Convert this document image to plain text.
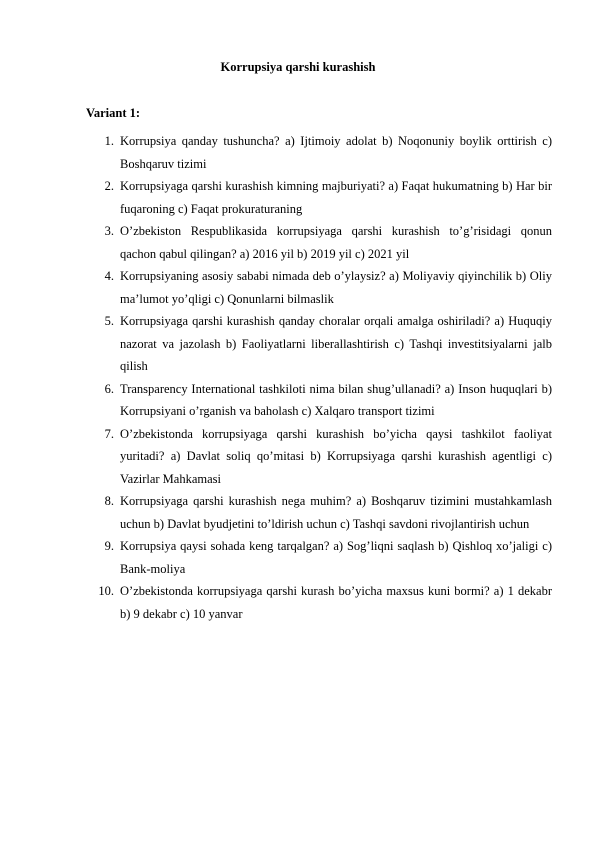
Korrupsiya qarshi kurashish
Variant 1:
1. Korrupsiya qanday tushuncha? a) Ijtimoiy adolat b) Noqonuniy boylik orttirish c) Boshqaruv tizimi
2. Korrupsiyaga qarshi kurashish kimning majburiyati? a) Faqat hukumatning b) Har bir fuqaroning c) Faqat prokuraturaning
3. O’zbekiston Respublikasida korrupsiyaga qarshi kurashish to’g’risidagi qonun qachon qabul qilingan? a) 2016 yil b) 2019 yil c) 2021 yil
4. Korrupsiyaning asosiy sababi nimada deb o’ylaysiz? a) Moliyaviy qiyinchilik b) Oliy ma’lumot yo’qligi c) Qonunlarni bilmaslik
5. Korrupsiyaga qarshi kurashish qanday choralar orqali amalga oshiriladi? a) Huquqiy nazorat va jazolash b) Faoliyatlarni liberallashtirish c) Tashqi investitsiyalarni jalb qilish
6. Transparency International tashkiloti nima bilan shug’ullanadi? a) Inson huquqlari b) Korrupsiyani o’rganish va baholash c) Xalqaro transport tizimi
7. O’zbekistonda korrupsiyaga qarshi kurashish bo’yicha qaysi tashkilot faoliyat yuritadi? a) Davlat soliq qo’mitasi b) Korrupsiyaga qarshi kurashish agentligi c) Vazirlar Mahkamasi
8. Korrupsiyaga qarshi kurashish nega muhim? a) Boshqaruv tizimini mustahkamlash uchun b) Davlat byudjetini to’ldirish uchun c) Tashqi savdoni rivojlantirish uchun
9. Korrupsiya qaysi sohada keng tarqalgan? a) Sog’liqni saqlash b) Qishloq xo’jaligi c) Bank-moliya
10. O’zbekistonda korrupsiyaga qarshi kurash bo’yicha maxsus kuni bormi? a) 1 dekabr b) 9 dekabr c) 10 yanvar
